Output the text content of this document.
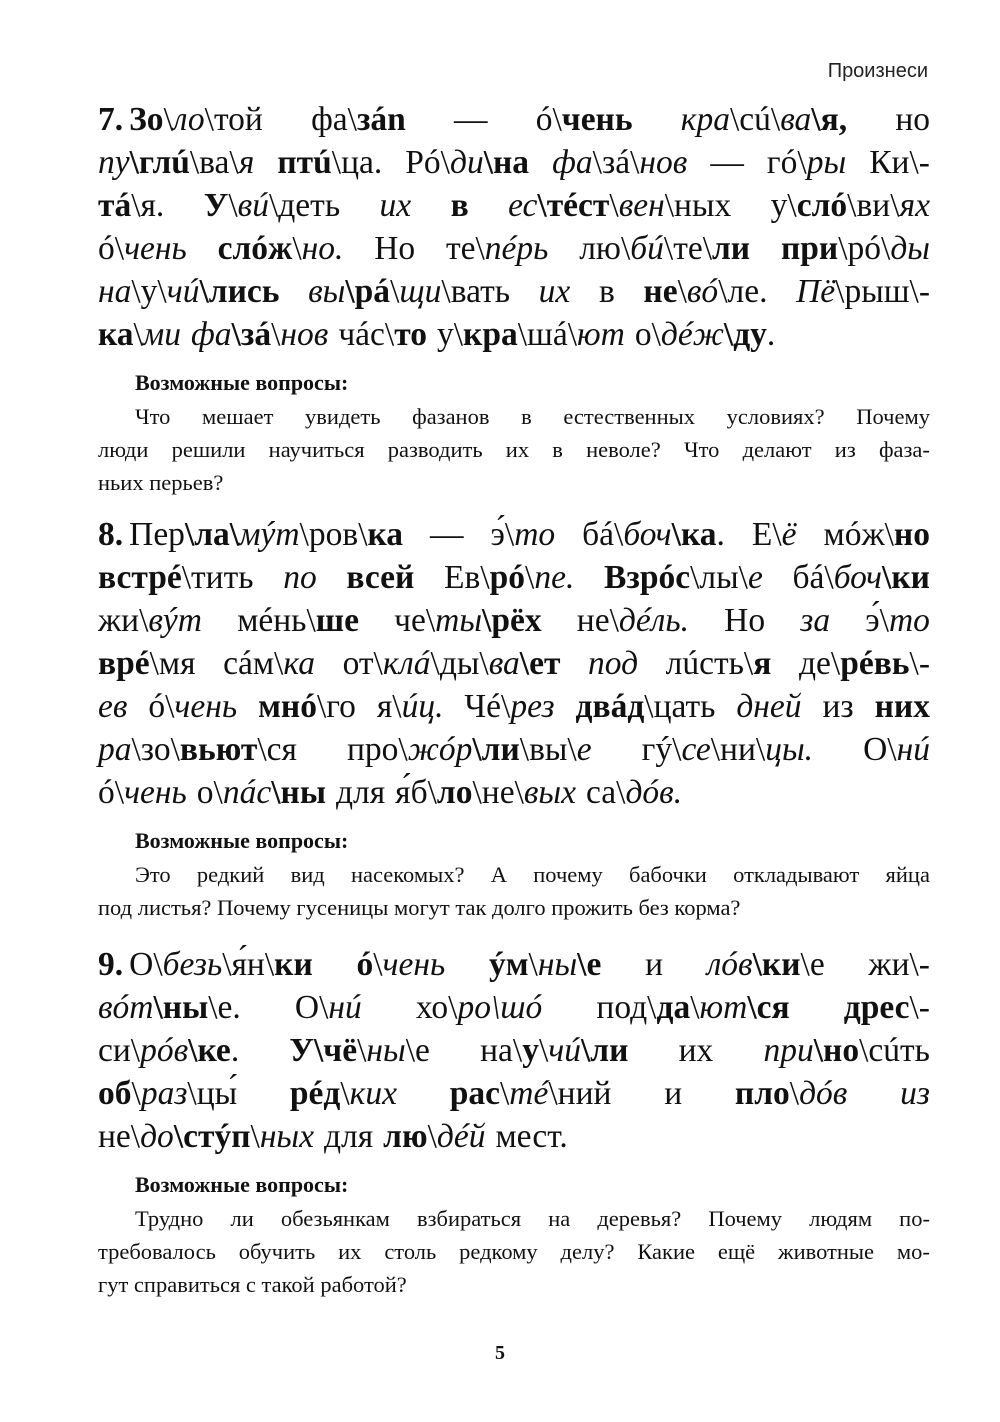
Произнеси
7. Зо\ло\той фа\зán — ó\чень кра\сú\ва\я, но
пу\глú\ва\я птú\ца. Рó\ди\на фа\зá\нов — гó\ры Ки\-
тá\я. У\вú\деть их в ес\тéст\вен\ных у\слó\ви\ях
ó\чень слóж\но. Но те\пéрь лю\бú\те\ли при\рó\ды
на\у\чú\лись вы\рá\щи\вать их в не\вó\ле. Пё\рыш\-
ка\ми фа\зá\нов чáс\то у\кра\шá\ют о\дéж\ду.
Возможные вопросы:
Что мешает увидеть фазанов в естественных условиях? Почему
люди решили научиться разводить их в неволе? Что делают из фаза-
ньих перьев?
8. Пер\ла\мýт\ров\ка — э́\то бá\боч\ка. Е\ё мóж\но
встрé\тить по всей Ев\рó\пе. Взрóс\лы\е бá\боч\ки
жи\вýт мéнь\ше че\ты\рёх не\дéль. Но за э́\то
врé\мя сáм\ка от\клá\ды\ва\ет под лúсть\я де\рéвь\-
ев ó\чень мнó\го я\úц. Чé\рез двáд\цать дней из них
ра\зо\вьют\ся про\жóр\ли\вы\е гý\се\ни\цы. О\нú
ó\чень о\пáс\ны для я́б\ло\не\вых са\дóв.
Возможные вопросы:
Это редкий вид насекомых? А почему бабочки откладывают яйца
под листья? Почему гусеницы могут так долго прожить без корма?
9. О\безь\я́н\ки ó\чень ýм\ны\е и лóв\ки\е жи\-
вóт\ны\е. О\нú хо\ро\шó под\да\ют\ся дрес\-
си\рóв\ке. У\чё\ны\е на\у\чú\ли их при\но\сúть
об\раз\цы́ рéд\ких рас\тé\ний и пло\дóв из
не\до\стýп\ных для лю\дéй мест.
Возможные вопросы:
Трудно ли обезьянкам взбираться на деревья? Почему людям по-
требовалось обучить их столь редкому делу? Какие ещё животные мо-
гут справиться с такой работой?
5
